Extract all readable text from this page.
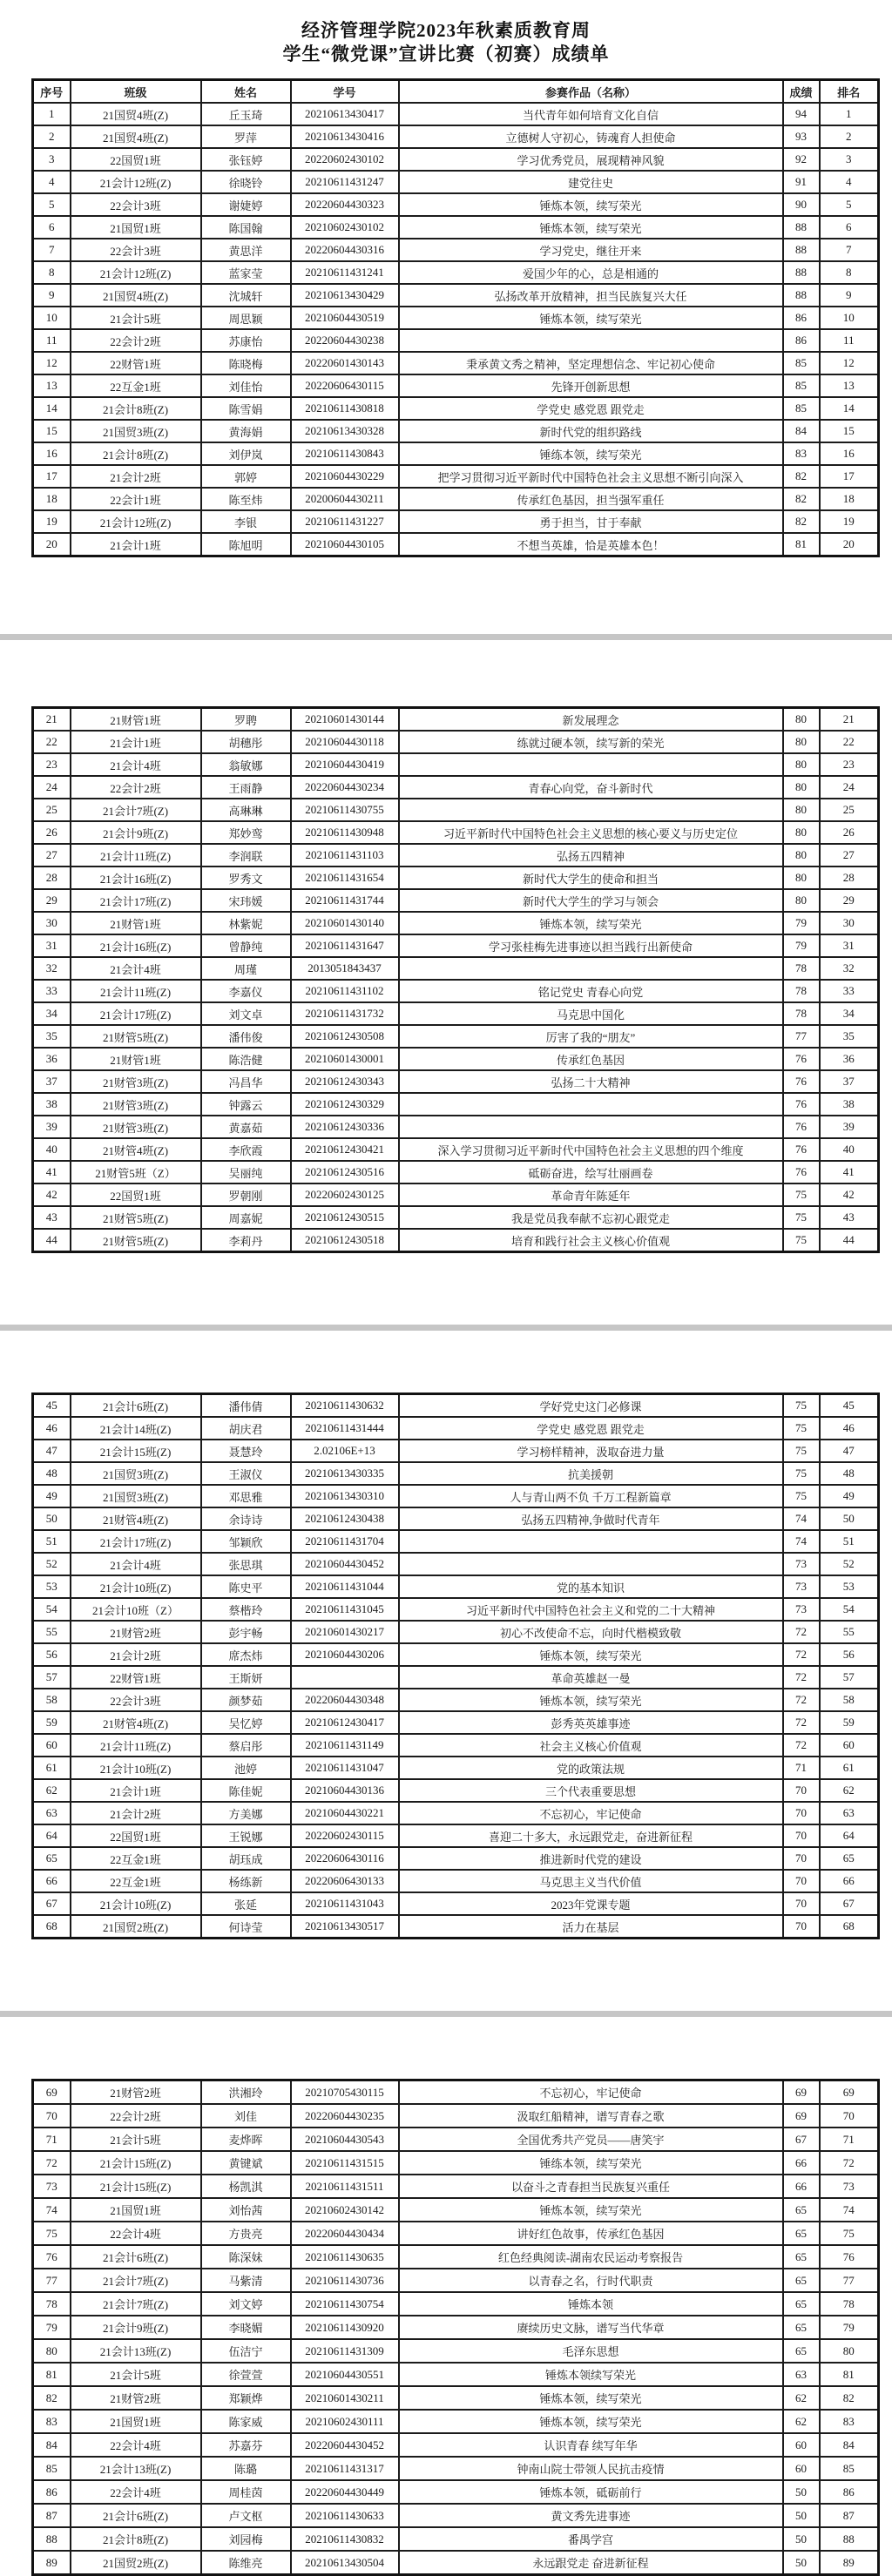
经济管理学院2023年秋素质教育周
学生“微党课”宣讲比赛（初赛）成绩单
序号	班级	姓名	学号	参赛作品（名称）	成绩	排名
1	21国贸4班(Z)	丘玉琦	20210613430417	当代青年如何培育文化自信	94	1
2	21国贸4班(Z)	罗萍	20210613430416	立德树人守初心，铸魂育人担使命	93	2
3	22国贸1班	张钰婷	20220602430102	学习优秀党员，展现精神风貌	92	3
4	21会计12班(Z)	徐晓铃	20210611431247	建党往史	91	4
5	22会计3班	谢婕婷	20220604430323	锤炼本领，续写荣光	90	5
6	21国贸1班	陈国翰	20210602430102	锤炼本领，续写荣光	88	6
7	22会计3班	黄思洋	20220604430316	学习党史，继往开来	88	7
8	21会计12班(Z)	蓝家莹	20210611431241	爱国少年的心，总是相通的	88	8
9	21国贸4班(Z)	沈城轩	20210613430429	弘扬改革开放精神，担当民族复兴大任	88	9
10	21会计5班	周思颖	20210604430519	锤炼本领，续写荣光	86	10
11	22会计2班	苏康怡	20220604430238		86	11
12	22财管1班	陈晓梅	20220601430143	秉承黄文秀之精神，坚定理想信念、牢记初心使命	85	12
13	22互金1班	刘佳怡	20220606430115	先锋开创新思想	85	13
14	21会计8班(Z)	陈雪娟	20210611430818	学党史 感党恩 跟党走	85	14
15	21国贸3班(Z)	黄海娟	20210613430328	新时代党的组织路线	84	15
16	21会计8班(Z)	刘伊岚	20210611430843	锤练本领，续写荣光	83	16
17	21会计2班	郭婷	20210604430229	把学习贯彻习近平新时代中国特色社会主义思想不断引向深入	82	17
18	22会计1班	陈至炜	20200604430211	传承红色基因，担当强军重任	82	18
19	21会计12班(Z)	李银	20210611431227	勇于担当，甘于奉献	82	19
20	21会计1班	陈旭明	20210604430105	不想当英雄，恰是英雄本色！	81	20
21	21财管1班	罗聘	20210601430144	新发展理念	80	21
22	21会计1班	胡穗彤	20210604430118	练就过硬本领，续写新的荣光	80	22
23	21会计4班	翁敏娜	20210604430419		80	23
24	22会计2班	王雨静	20220604430234	青春心向党，奋斗新时代	80	24
25	21会计7班(Z)	高琳琳	20210611430755		80	25
26	21会计9班(Z)	郑妙鸾	20210611430948	习近平新时代中国特色社会主义思想的核心要义与历史定位	80	26
27	21会计11班(Z)	李润联	20210611431103	弘扬五四精神	80	27
28	21会计16班(Z)	罗秀文	20210611431654	新时代大学生的使命和担当	80	28
29	21会计17班(Z)	宋玮媛	20210611431744	新时代大学生的学习与领会	80	29
30	21财管1班	林紫妮	20210601430140	锤炼本领，续写荣光	79	30
31	21会计16班(Z)	曾静纯	20210611431647	学习张桂梅先进事迹以担当践行出新使命	79	31
32	21会计4班	周瑾	2013051843437		78	32
33	21会计11班(Z)	李嘉仪	20210611431102	铭记党史 青春心向党	78	33
34	21会计17班(Z)	刘文卓	20210611431732	马克思中国化	78	34
35	21财管5班(Z)	潘伟俊	20210612430508	厉害了我的“朋友”	77	35
36	21财管1班	陈浩健	20210601430001	传承红色基因	76	36
37	21财管3班(Z)	冯昌华	20210612430343	弘扬二十大精神	76	37
38	21财管3班(Z)	钟露云	20210612430329		76	38
39	21财管3班(Z)	黄嘉茹	20210612430336		76	39
40	21财管4班(Z)	李欣霞	20210612430421	深入学习贯彻习近平新时代中国特色社会主义思想的四个维度	76	40
41	21财管5班（Z）	吴丽纯	20210612430516	砥砺奋进，绘写壮丽画卷	76	41
42	22国贸1班	罗朝刚	20220602430125	革命青年陈延年	75	42
43	21财管5班(Z)	周嘉妮	20210612430515	我是党员我奉献不忘初心跟党走	75	43
44	21财管5班(Z)	李莉丹	20210612430518	培育和践行社会主义核心价值观	75	44
45	21会计6班(Z)	潘伟倩	20210611430632	学好党史这门必修课	75	45
46	21会计14班(Z)	胡庆君	20210611431444	学党史 感党恩 跟党走	75	46
47	21会计15班(Z)	聂慧玲	2.02106E+13	学习榜样精神，汲取奋进力量	75	47
48	21国贸3班(Z)	王淑仪	20210613430335	抗美援朝	75	48
49	21国贸3班(Z)	邓思雅	20210613430310	人与青山两不负 千万工程新篇章	75	49
50	21财管4班(Z)	余诗诗	20210612430438	弘扬五四精神,争做时代青年	74	50
51	21会计17班(Z)	邹颖欣	20210611431704		74	51
52	21会计4班	张思琪	20210604430452		73	52
53	21会计10班(Z)	陈史平	20210611431044	党的基本知识	73	53
54	21会计10班（Z）	蔡楷玲	20210611431045	习近平新时代中国特色社会主义和党的二十大精神	73	54
55	21财管2班	彭宇畅	20210601430217	初心不改使命不忘，向时代楷模致敬	72	55
56	21会计2班	席杰炜	20210604430206	锤炼本领，续写荣光	72	56
57	22财管1班	王斯妍		革命英雄赵一曼	72	57
58	22会计3班	颜梦茹	20220604430348	锤炼本领，续写荣光	72	58
59	21财管4班(Z)	吴忆婷	20210612430417	彭秀英英雄事迹	72	59
60	21会计11班(Z)	蔡启彤	20210611431149	社会主义核心价值观	72	60
61	21会计10班(Z)	池婷	20210611431047	党的政策法规	71	61
62	21会计1班	陈佳妮	20210604430136	三个代表重要思想	70	62
63	21会计2班	方美娜	20210604430221	不忘初心，牢记使命	70	63
64	22国贸1班	王锐娜	20220602430115	喜迎二十多大，永远跟党走，奋进新征程	70	64
65	22互金1班	胡珏成	20220606430116	推进新时代党的建设	70	65
66	22互金1班	杨练新	20220606430133	马克思主义当代价值	70	66
67	21会计10班(Z)	张延	20210611431043	2023年党课专题	70	67
68	21国贸2班(Z)	何诗莹	20210613430517	活力在基层	70	68
69	21财管2班	洪湘玲	20210705430115	不忘初心，牢记使命	69	69
70	22会计2班	刘佳	20220604430235	汲取红船精神，谱写青春之歌	69	70
71	21会计5班	麦烨晖	20210604430543	全国优秀共产党员——唐笑宇	67	71
72	21会计15班(Z)	黄键斌	20210611431515	锤练本领，续写荣光	66	72
73	21会计15班(Z)	杨凯淇	20210611431511	以奋斗之青春担当民族复兴重任	66	73
74	21国贸1班	刘怡茜	20210602430142	锤炼本领，续写荣光	65	74
75	22会计4班	方贵亮	20220604430434	讲好红色故事，传承红色基因	65	75
76	21会计6班(Z)	陈深妹	20210611430635	红色经典阅读-湖南农民运动考察报告	65	76
77	21会计7班(Z)	马紫清	20210611430736	以青春之名，行时代职责	65	77
78	21会计7班(Z)	刘文婷	20210611430754	锤炼本领	65	78
79	21会计9班(Z)	李晓媚	20210611430920	赓续历史文脉，谱写当代华章	65	79
80	21会计13班(Z)	伍洁宁	20210611431309	毛泽东思想	65	80
81	21会计5班	徐萱萱	20210604430551	锤炼本领续写荣光	63	81
82	21财管2班	郑颖烨	20210601430211	锤炼本领，续写荣光	62	82
83	21国贸1班	陈家威	20210602430111	锤炼本领，续写荣光	62	83
84	22会计4班	苏嘉芬	20220604430452	认识青春 续写年华	60	84
85	21会计13班(Z)	陈璐	20210611431317	钟南山院士带领人民抗击疫情	60	85
86	22会计4班	周桂茵	20220604430449	锤炼本领，砥砺前行	50	86
87	21会计6班(Z)	卢文枢	20210611430633	黄文秀先进事迹	50	87
88	21会计8班(Z)	刘园梅	20210611430832	番禺学宫	50	88
89	21国贸2班(Z)	陈维亮	20210613430504	永远跟党走 奋进新征程	50	89
